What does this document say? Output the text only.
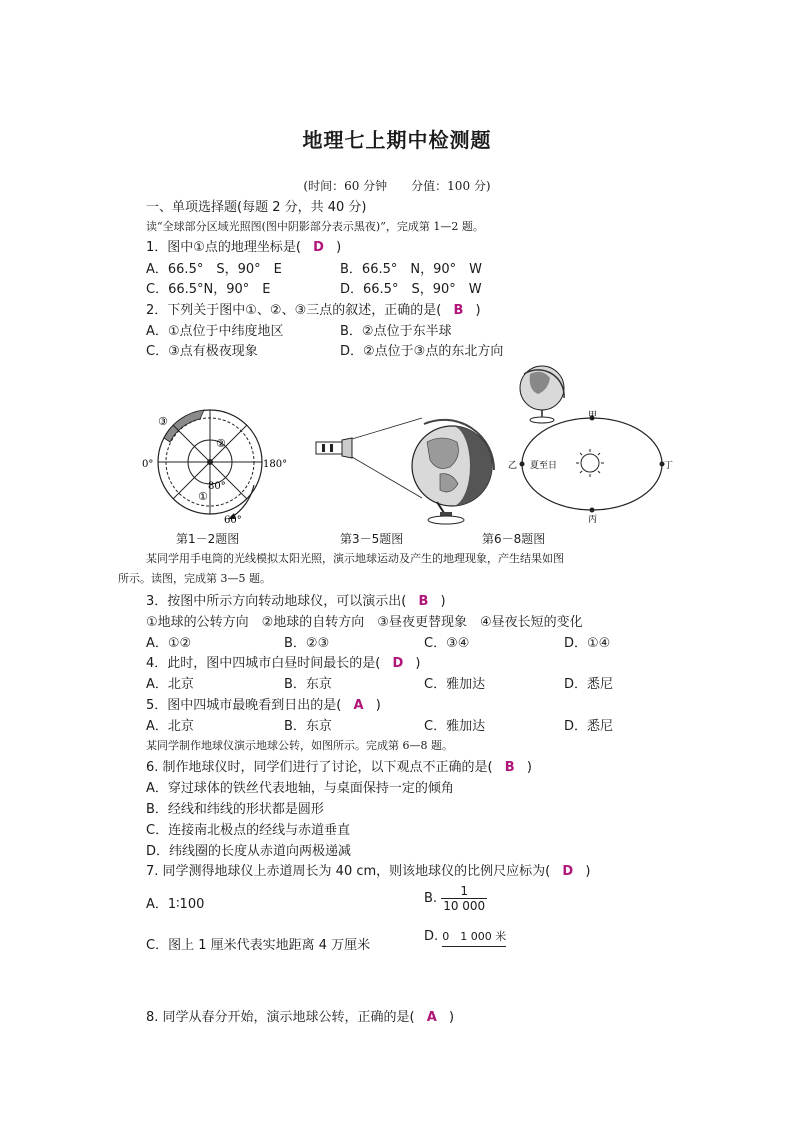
地理七上期中检测题
(时间：60 分钟　　分值：100 分)
一、单项选择题(每题 2 分，共 40 分)
读“全球部分区域光照图(图中阴影部分表示黑夜)”，完成第 1—2 题。
1．图中①点的地理坐标是( D )
A．66.5°　S，90°　E	B．66.5°　N，90°　W
C．66.5°N，90°　E	D．66.5°　S，90°　W
2．下列关于图中①、②、③三点的叙述，正确的是( B )
A．①点位于中纬度地区	B．②点位于东半球
C．③点有极夜现象	D．②点位于③点的东北方向
0°	180°
80°
60°
①
②
③	甲
乙 夏至日
丙
丁
第1－2题图	第3－5题图	第6－8题图
某同学用手电筒的光线模拟太阳光照，演示地球运动及产生的地理现象，产生结果如图
所示。读图，完成第 3—5 题。
3．按图中所示方向转动地球仪，可以演示出( B )
①地球的公转方向　②地球的自转方向　③昼夜更替现象　④昼夜长短的变化
A．①②	B．②③	C．③④	D．①④
4．此时，图中四城市白昼时间最长的是( D )
A．北京	B．东京	C．雅加达	D．悉尼
5．图中四城市最晚看到日出的是( A )
A．北京	B．东京	C．雅加达	D．悉尼
某同学制作地球仪演示地球公转，如图所示。完成第 6—8 题。
6. 制作地球仪时，同学们进行了讨论，以下观点不正确的是( B )
A．穿过球体的铁丝代表地轴，与桌面保持一定的倾角
B．经线和纬线的形状都是圆形
C．连接南北极点的经线与赤道垂直
D．纬线圈的长度从赤道向两极递减
7. 同学测得地球仪上赤道周长为 40 cm，则该地球仪的比例尺应标为( D )
A．1∶100	B. $\frac{1}{10 000}$
C．图上 1 厘米代表实地距离 4 万厘米
D. 0　1 000 米
8. 同学从春分开始，演示地球公转，正确的是( A )
